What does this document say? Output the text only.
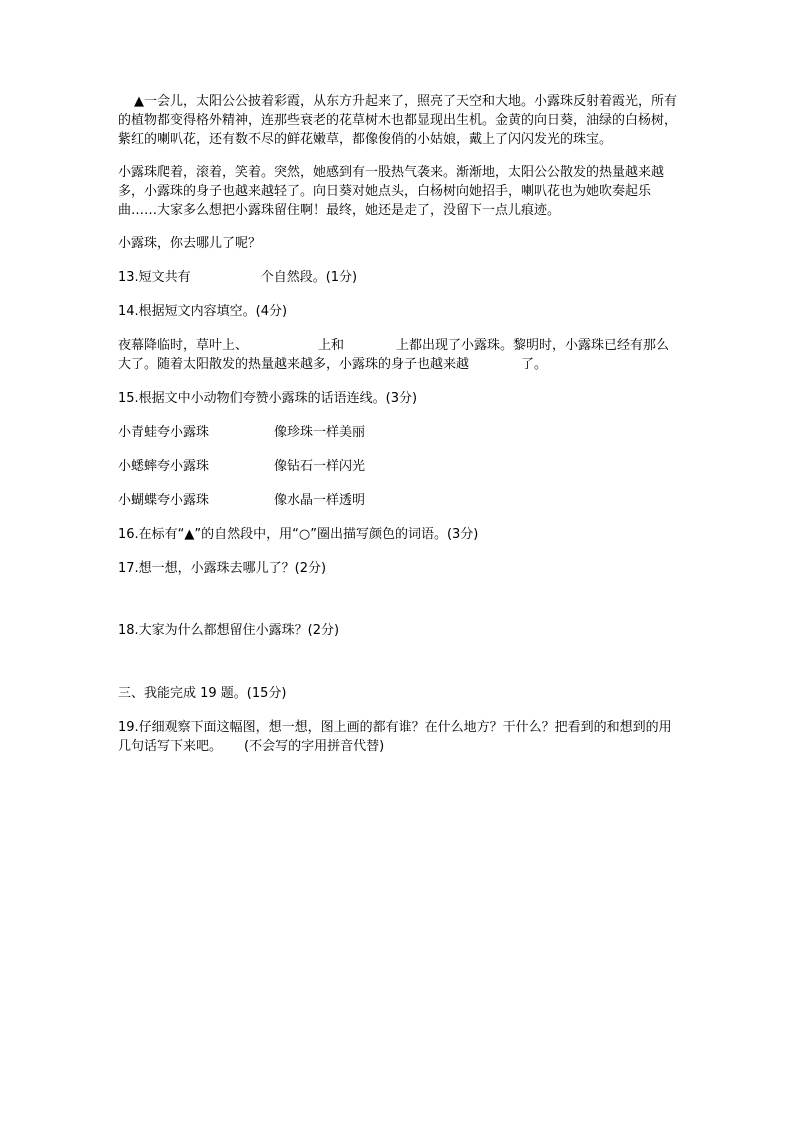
▲一会儿，太阳公公披着彩霞，从东方升起来了，照亮了天空和大地。小露珠反射着霞光，所有的植物都变得格外精神，连那些衰老的花草树木也都显现出生机。金黄的向日葵，油绿的白杨树，紫红的喇叭花，还有数不尽的鲜花嫩草，都像俊俏的小姑娘，戴上了闪闪发光的珠宝。

小露珠爬着，滚着，笑着。突然，她感到有一股热气袭来。渐渐地，太阳公公散发的热量越来越多，小露珠的身子也越来越轻了。向日葵对她点头，白杨树向她招手，喇叭花也为她吹奏起乐曲……大家多么想把小露珠留住啊！最终，她还是走了，没留下一点儿痕迹。

小露珠，你去哪儿了呢？

13.短文共有	个自然段。(1分)

14.根据短文内容填空。(4分)

夜幕降临时，草叶上、	上和	上都出现了小露珠。黎明时，小露珠已经有那么大了。随着太阳散发的热量越来越多，小露珠的身子也越来越	了。

15.根据文中小动物们夸赞小露珠的话语连线。(3分)

小青蛙夸小露珠	像珍珠一样美丽
小蟋蟀夸小露珠	像钻石一样闪光
小蝴蝶夸小露珠	像水晶一样透明

16.在标有“▲”的自然段中，用“○”圈出描写颜色的词语。(3分)

17.想一想，小露珠去哪儿了？(2分)

18.大家为什么都想留住小露珠？(2分)

三、我能完成 19 题。(15分)

19.仔细观察下面这幅图，想一想，图上画的都有谁？在什么地方？干什么？把看到的和想到的用几句话写下来吧。 (不会写的字用拼音代替)
